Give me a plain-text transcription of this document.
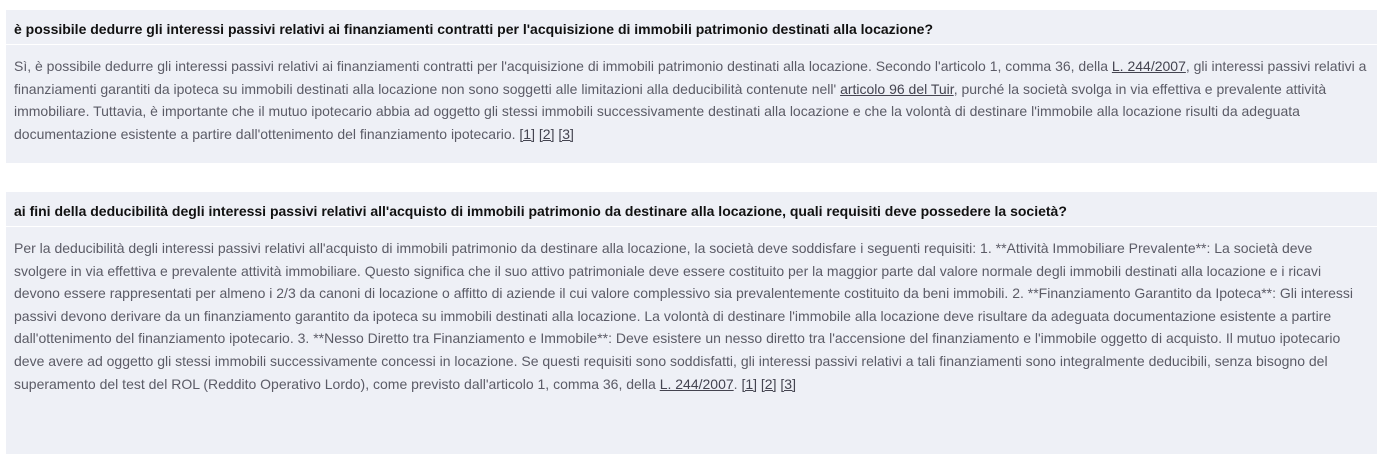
è possibile dedurre gli interessi passivi relativi ai finanziamenti contratti per l'acquisizione di immobili patrimonio destinati alla locazione?

Sì, è possibile dedurre gli interessi passivi relativi ai finanziamenti contratti per l'acquisizione di immobili patrimonio destinati alla locazione. Secondo l'articolo 1, comma 36, della L. 244/2007, gli interessi passivi relativi a finanziamenti garantiti da ipoteca su immobili destinati alla locazione non sono soggetti alle limitazioni alla deducibilità contenute nell' articolo 96 del Tuir, purché la società svolga in via effettiva e prevalente attività immobiliare. Tuttavia, è importante che il mutuo ipotecario abbia ad oggetto gli stessi immobili successivamente destinati alla locazione e che la volontà di destinare l'immobile alla locazione risulti da adeguata documentazione esistente a partire dall'ottenimento del finanziamento ipotecario. [1] [2] [3]

ai fini della deducibilità degli interessi passivi relativi all'acquisto di immobili patrimonio da destinare alla locazione, quali requisiti deve possedere la società?

Per la deducibilità degli interessi passivi relativi all'acquisto di immobili patrimonio da destinare alla locazione, la società deve soddisfare i seguenti requisiti: 1. **Attività Immobiliare Prevalente**: La società deve svolgere in via effettiva e prevalente attività immobiliare. Questo significa che il suo attivo patrimoniale deve essere costituito per la maggior parte dal valore normale degli immobili destinati alla locazione e i ricavi devono essere rappresentati per almeno i 2/3 da canoni di locazione o affitto di aziende il cui valore complessivo sia prevalentemente costituito da beni immobili. 2. **Finanziamento Garantito da Ipoteca**: Gli interessi passivi devono derivare da un finanziamento garantito da ipoteca su immobili destinati alla locazione. La volontà di destinare l'immobile alla locazione deve risultare da adeguata documentazione esistente a partire dall'ottenimento del finanziamento ipotecario. 3. **Nesso Diretto tra Finanziamento e Immobile**: Deve esistere un nesso diretto tra l'accensione del finanziamento e l'immobile oggetto di acquisto. Il mutuo ipotecario deve avere ad oggetto gli stessi immobili successivamente concessi in locazione. Se questi requisiti sono soddisfatti, gli interessi passivi relativi a tali finanziamenti sono integralmente deducibili, senza bisogno del superamento del test del ROL (Reddito Operativo Lordo), come previsto dall'articolo 1, comma 36, della L. 244/2007. [1] [2] [3]
